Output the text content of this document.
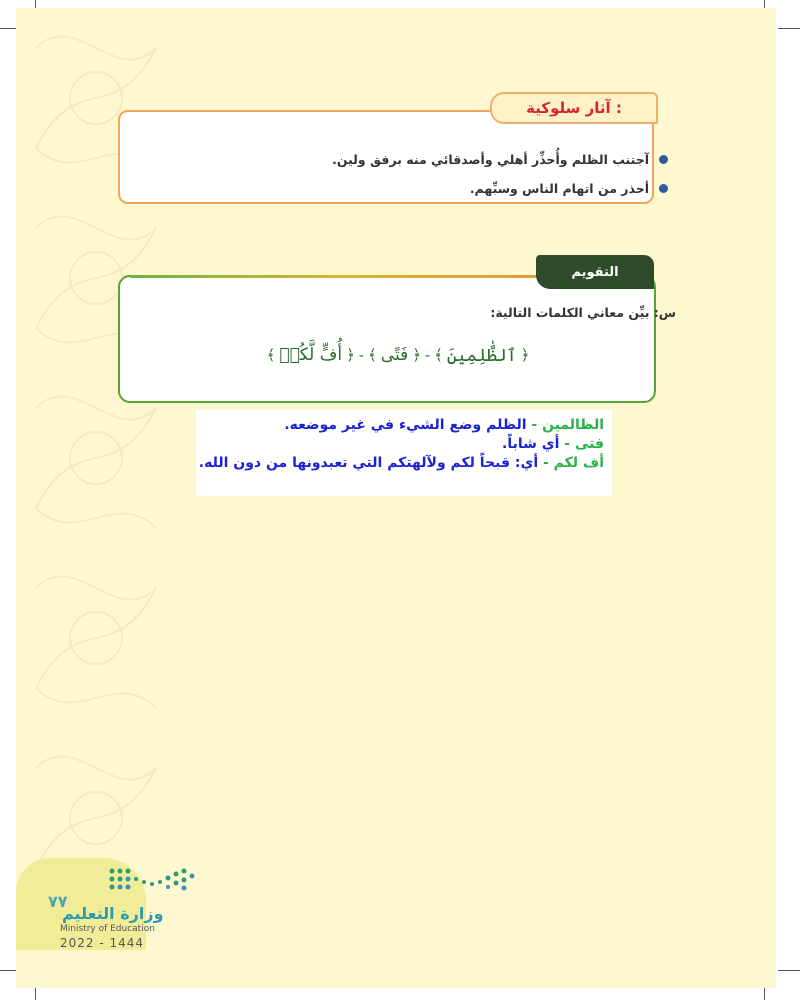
آثار سلوكية :
آجتنب الظلم وأُحذِّر أهلي وأصدقائي منه برفق ولين.
أحذر من اتهام الناس وسبِّهم.
التقويم
س: بيِّن معاني الكلمات التالية:
﴿
ٱلظَّٰلِمِينَ
﴾
-
﴿
فَتًى
﴾
-
﴿
أُفٍّ لَّكُمۡ
﴾
الظالمين - الظلم وضع الشيء في غير موضعه.
فتى - أي شاباً.
أف لكم - أي: قبحاً لكم ولآلهتكم التي تعبدونها من دون الله.
٧٧
وزارة التعليم
Ministry of Education
2022 - 1444
